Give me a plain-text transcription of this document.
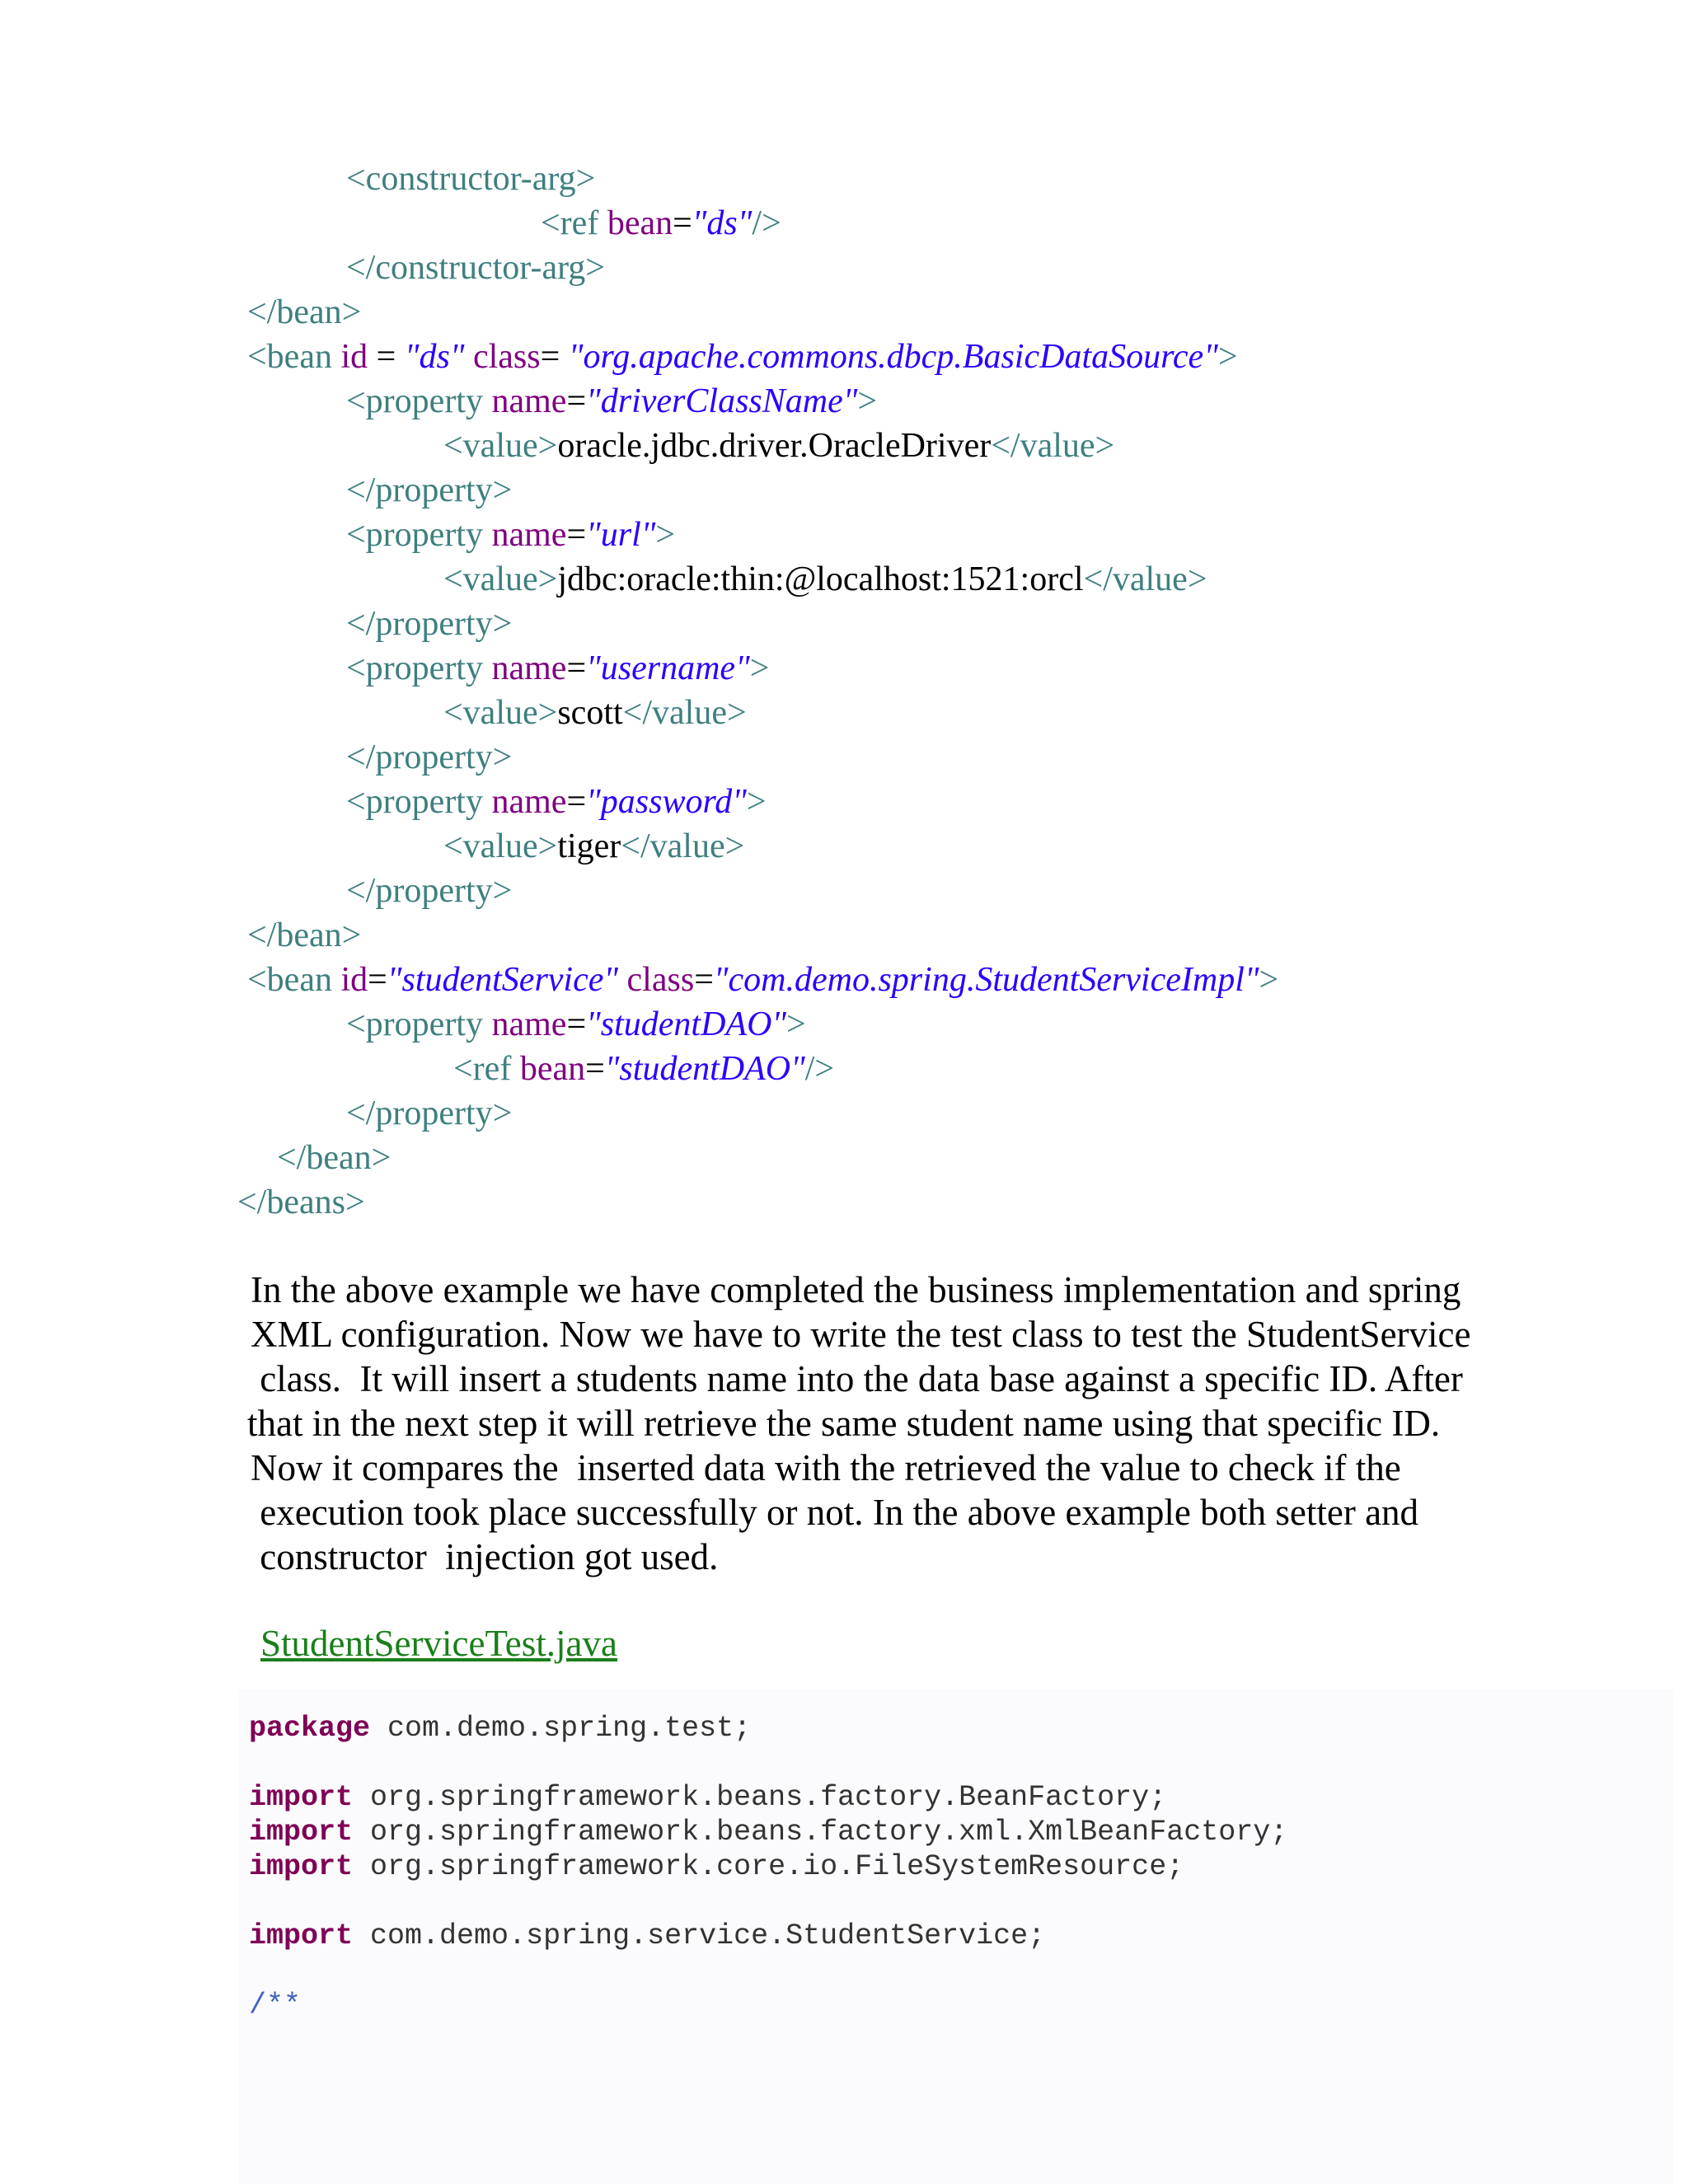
<constructor-arg>
<ref bean="ds"/>
</constructor-arg>
</bean>
<bean id = "ds" class= "org.apache.commons.dbcp.BasicDataSource">
<property name="driverClassName">
<value>oracle.jdbc.driver.OracleDriver</value>
</property>
<property name="url">
<value>jdbc:oracle:thin:@localhost:1521:orcl</value>
</property>
<property name="username">
<value>scott</value>
</property>
<property name="password">
<value>tiger</value>
</property>
</bean>
<bean id="studentService" class="com.demo.spring.StudentServiceImpl">
<property name="studentDAO">
<ref bean="studentDAO"/>
</property>
</bean>
</beans>
In the above example we have completed the business implementation and spring
XML configuration. Now we have to write the test class to test the StudentService
class.  It will insert a students name into the data base against a specific ID. After
that in the next step it will retrieve the same student name using that specific ID.
Now it compares the  inserted data with the retrieved the value to check if the
execution took place successfully or not. In the above example both setter and
constructor  injection got used.
StudentServiceTest.java
package com.demo.spring.test;
import org.springframework.beans.factory.BeanFactory;
import org.springframework.beans.factory.xml.XmlBeanFactory;
import org.springframework.core.io.FileSystemResource;
import com.demo.spring.service.StudentService;
/**
